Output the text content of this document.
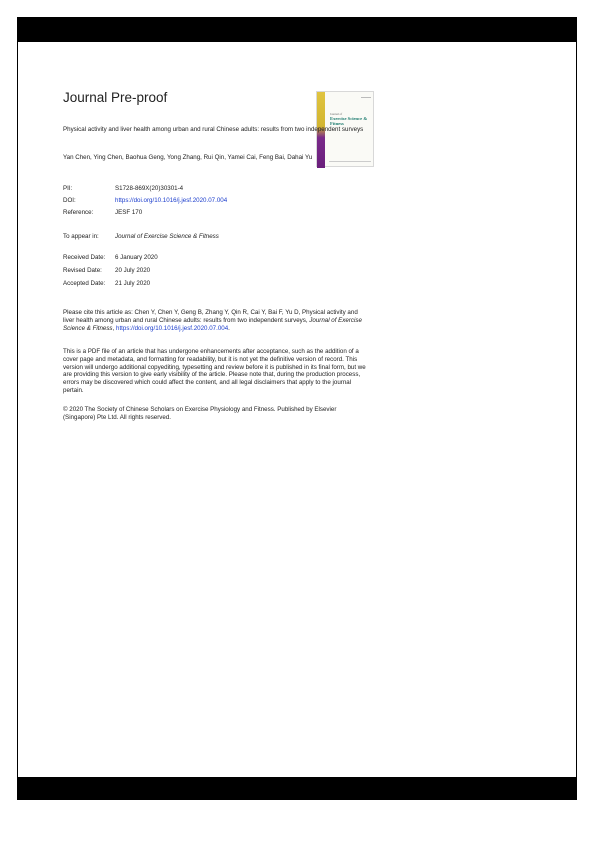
Journal Pre-proof
Journal of
Exercise Science & Fitness
Physical activity and liver health among urban and rural Chinese adults: results from two independent surveys
Yan Chen, Ying Chen, Baohua Geng, Yong Zhang, Rui Qin, Yamei Cai, Feng Bai, Dahai Yu
PII:	S1728-869X(20)30301-4
DOI:	https://doi.org/10.1016/j.jesf.2020.07.004
Reference:	JESF 170
To appear in:	Journal of Exercise Science & Fitness
Received Date: 6 January 2020
Revised Date: 20 July 2020
Accepted Date: 21 July 2020
Please cite this article as: Chen Y, Chen Y, Geng B, Zhang Y, Qin R, Cai Y, Bai F, Yu D, Physical activity and liver health among urban and rural Chinese adults: results from two independent surveys, Journal of Exercise Science & Fitness, https://doi.org/10.1016/j.jesf.2020.07.004.
This is a PDF file of an article that has undergone enhancements after acceptance, such as the addition of a cover page and metadata, and formatting for readability, but it is not yet the definitive version of record. This version will undergo additional copyediting, typesetting and review before it is published in its final form, but we are providing this version to give early visibility of the article. Please note that, during the production process, errors may be discovered which could affect the content, and all legal disclaimers that apply to the journal pertain.
© 2020 The Society of Chinese Scholars on Exercise Physiology and Fitness. Published by Elsevier (Singapore) Pte Ltd. All rights reserved.
